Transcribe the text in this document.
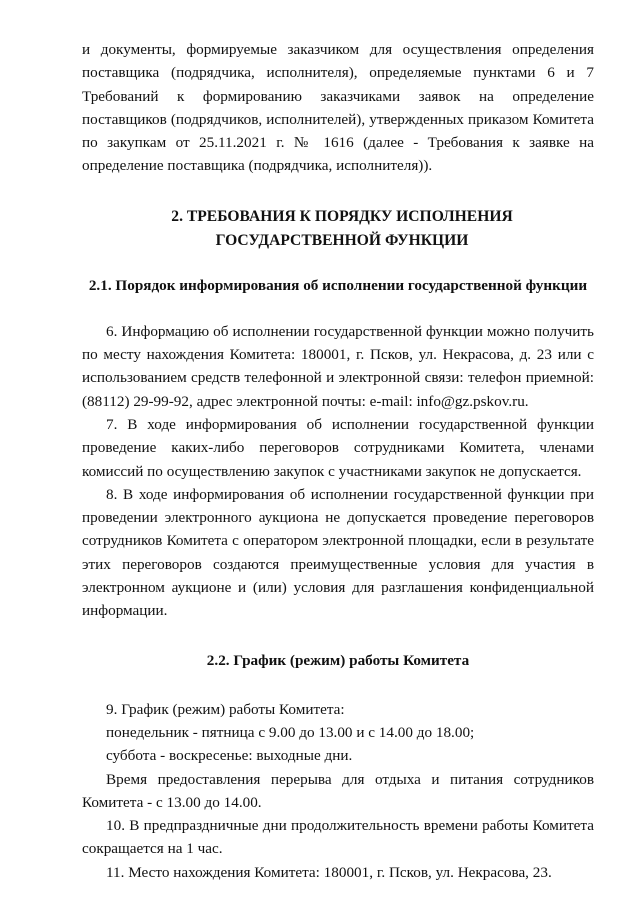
и документы, формируемые заказчиком для осуществления определения поставщика (подрядчика, исполнителя), определяемые пунктами 6 и 7 Требований к формированию заказчиками заявок на определение поставщиков (подрядчиков, исполнителей), утвержденных приказом Комитета по закупкам от 25.11.2021 г. № 1616 (далее - Требования к заявке на определение поставщика (подрядчика, исполнителя)).

2. ТРЕБОВАНИЯ К ПОРЯДКУ ИСПОЛНЕНИЯ
ГОСУДАРСТВЕННОЙ ФУНКЦИИ

2.1. Порядок информирования об исполнении государственной функции

6. Информацию об исполнении государственной функции можно получить по месту нахождения Комитета: 180001, г. Псков, ул. Некрасова, д. 23 или с использованием средств телефонной и электронной связи: телефон приемной: (88112) 29-99-92, адрес электронной почты: e-mail: info@gz.pskov.ru.

7. В ходе информирования об исполнении государственной функции проведение каких-либо переговоров сотрудниками Комитета, членами комиссий по осуществлению закупок с участниками закупок не допускается.

8. В ходе информирования об исполнении государственной функции при проведении электронного аукциона не допускается проведение переговоров сотрудников Комитета с оператором электронной площадки, если в результате этих переговоров создаются преимущественные условия для участия в электронном аукционе и (или) условия для разглашения конфиденциальной информации.

2.2. График (режим) работы Комитета

9. График (режим) работы Комитета:

понедельник - пятница с 9.00 до 13.00 и с 14.00 до 18.00;

суббота - воскресенье: выходные дни.

Время предоставления перерыва для отдыха и питания сотрудников Комитета - с 13.00 до 14.00.

10. В предпраздничные дни продолжительность времени работы Комитета сокращается на 1 час.

11. Место нахождения Комитета: 180001, г. Псков, ул. Некрасова, 23.
